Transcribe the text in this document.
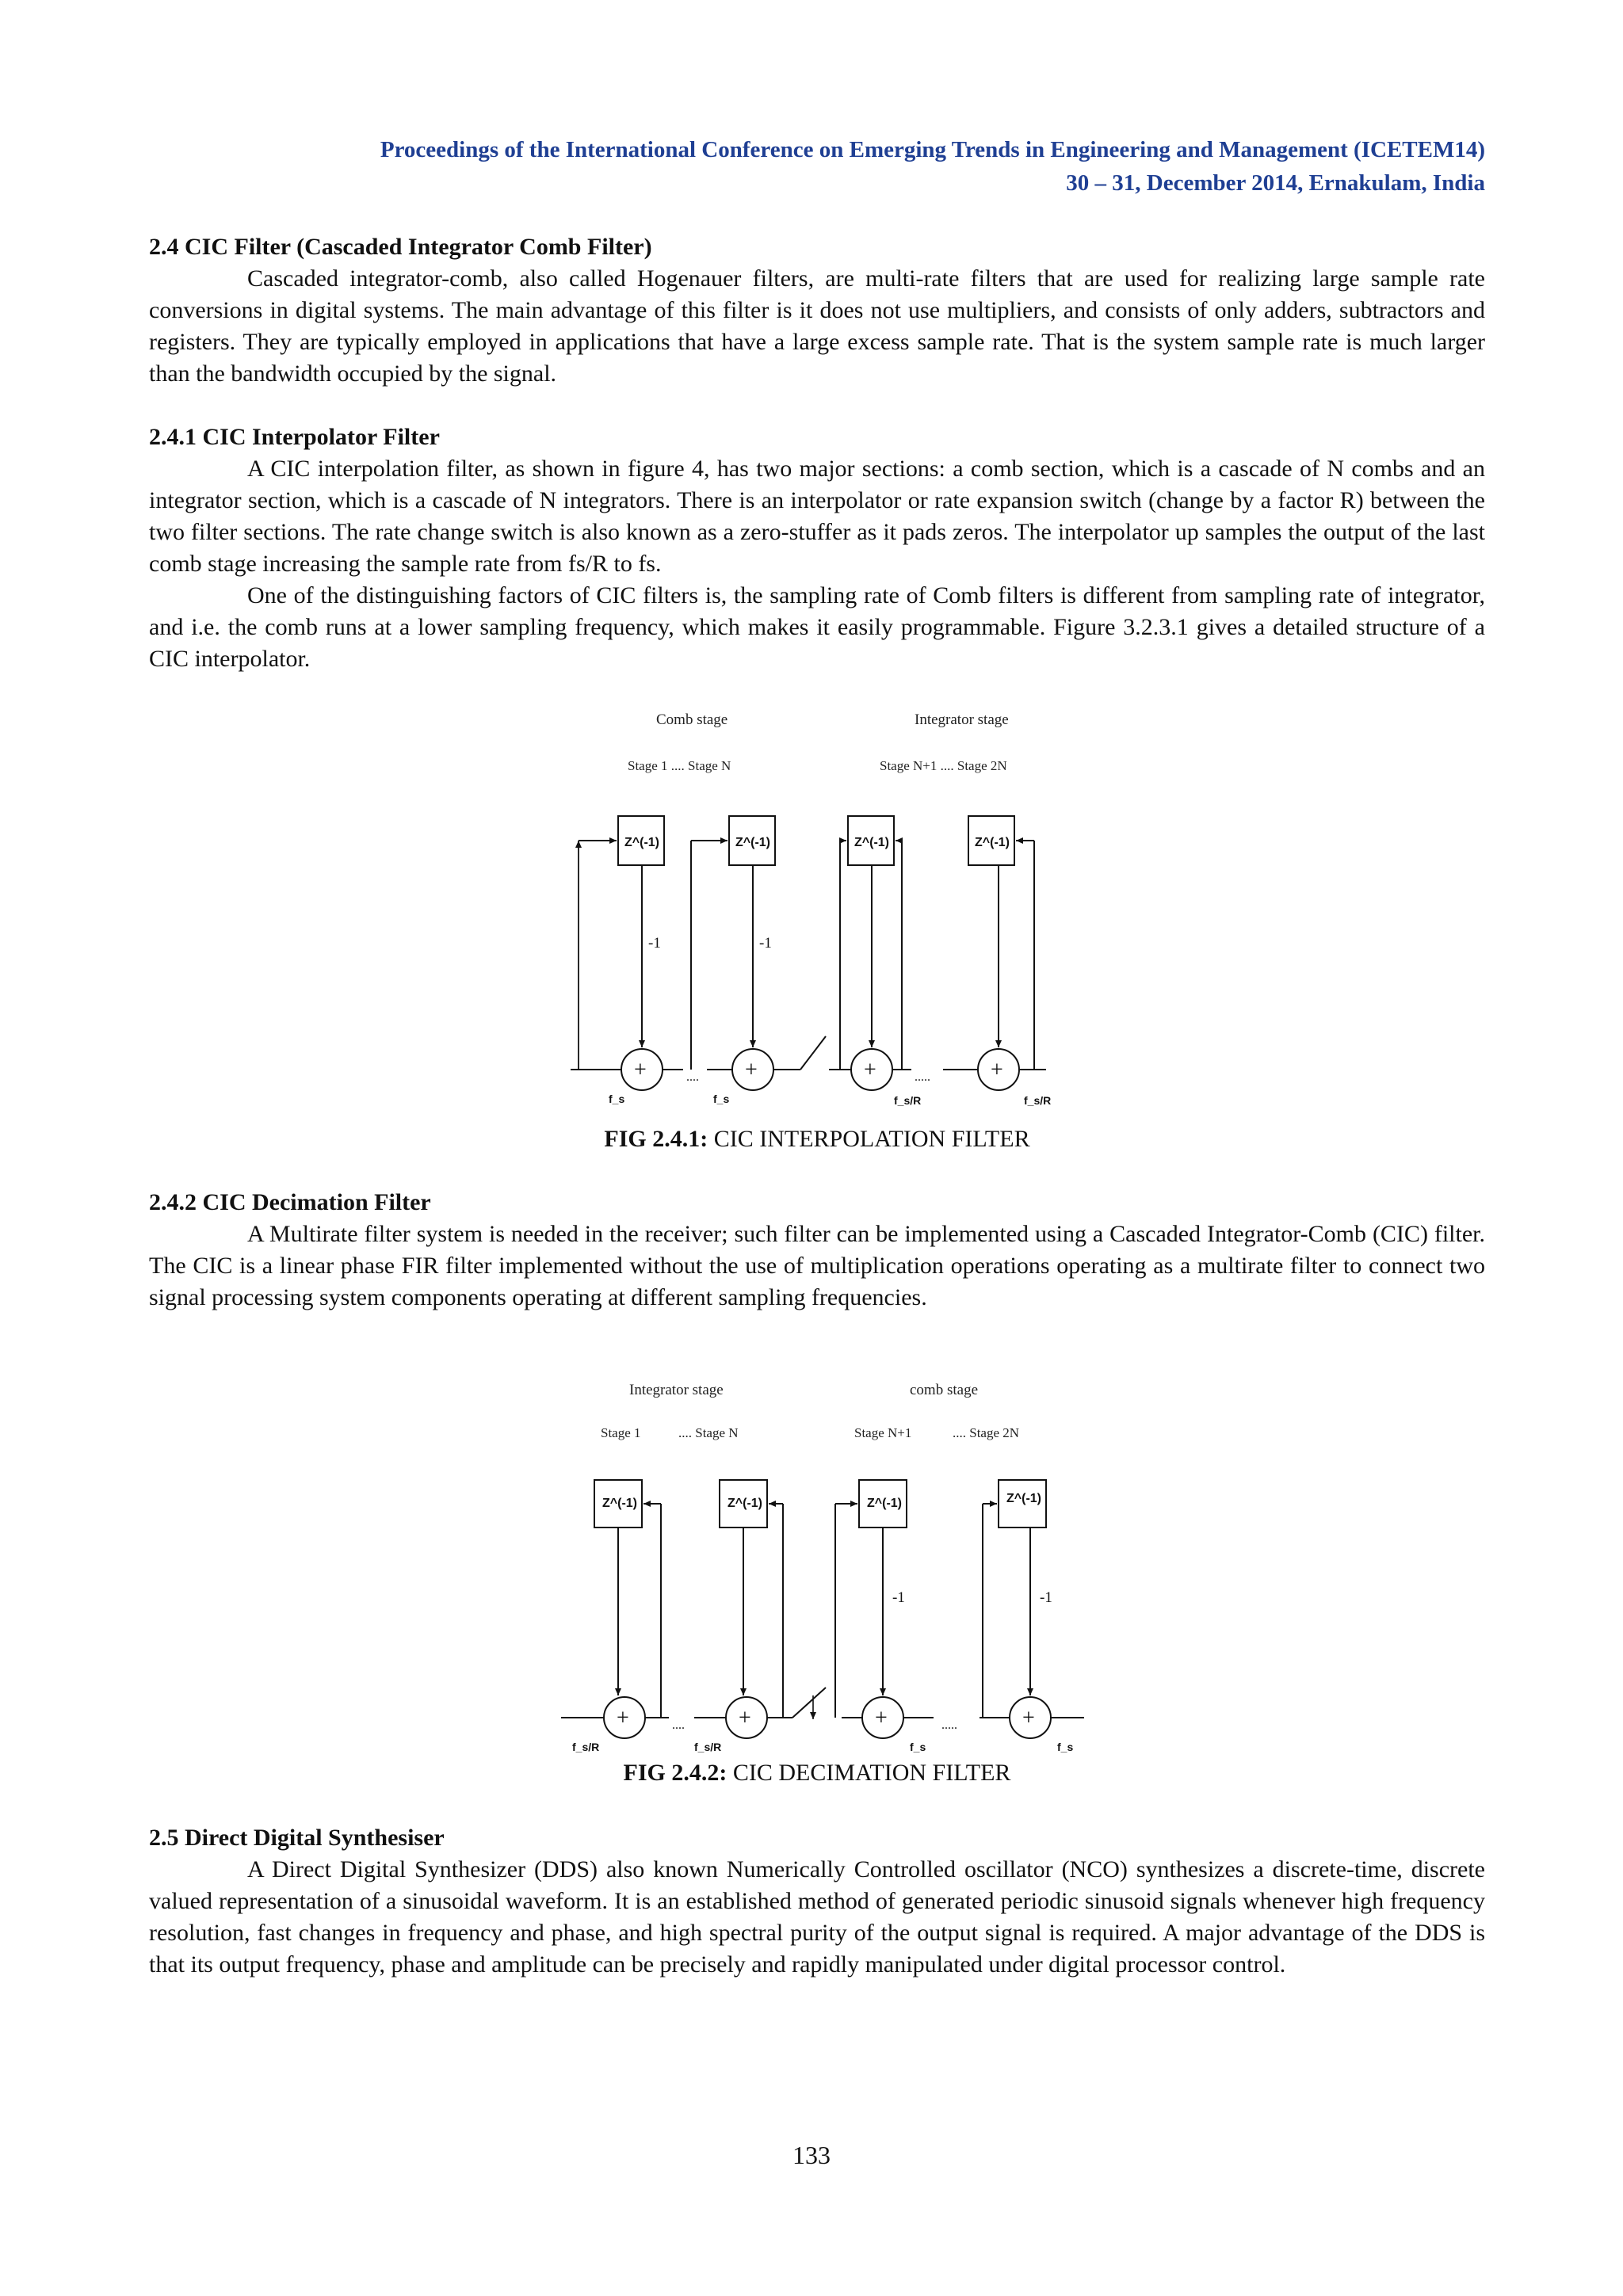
Proceedings of the International Conference on Emerging Trends in Engineering and Management (ICETEM14)
30 – 31, December 2014, Ernakulam, India

2.4 CIC Filter (Cascaded Integrator Comb Filter)

Cascaded integrator-comb, also called Hogenauer filters, are multi-rate filters that are used for realizing large sample rate conversions in digital systems. The main advantage of this filter is it does not use multipliers, and consists of only adders, subtractors and registers. They are typically employed in applications that have a large excess sample rate. That is the system sample rate is much larger than the bandwidth occupied by the signal.

2.4.1 CIC Interpolator Filter

A CIC interpolation filter, as shown in figure 4, has two major sections: a comb section, which is a cascade of N combs and an integrator section, which is a cascade of N integrators. There is an interpolator or rate expansion switch (change by a factor R) between the two filter sections. The rate change switch is also known as a zero-stuffer as it pads zeros. The interpolator up samples the output of the last comb stage increasing the sample rate from fs/R to fs.

One of the distinguishing factors of CIC filters is, the sampling rate of Comb filters is different from sampling rate of integrator, and i.e. the comb runs at a lower sampling frequency, which makes it easily programmable. Figure 3.2.3.1 gives a detailed structure of a CIC interpolator.

Comb stage	Integrator stage
Stage 1 .... Stage N	Stage N+1 .... Stage 2N
Z^(-1)	Z^(-1)	Z^(-1)	Z^(-1)
-1	-1
+	+	+	+
....	.....
f_s	f_s	f_s/R	f_s/R
FIG 2.4.1: CIC INTERPOLATION FILTER

2.4.2 CIC Decimation Filter

A Multirate filter system is needed in the receiver; such filter can be implemented using a Cascaded Integrator-Comb (CIC) filter. The CIC is a linear phase FIR filter implemented without the use of multiplication operations operating as a multirate filter to connect two signal processing system components operating at different sampling frequencies.

Integrator stage	comb stage
Stage 1	.... Stage N	Stage N+1	.... Stage 2N
Z^(-1)	Z^(-1)	Z^(-1)	Z^(-1)
-1	-1
+	+	+	+
....	.....
f_s/R	f_s/R	f_s	f_s
FIG 2.4.2: CIC DECIMATION FILTER

2.5 Direct Digital Synthesiser

A Direct Digital Synthesizer (DDS) also known Numerically Controlled oscillator (NCO) synthesizes a discrete-time, discrete valued representation of a sinusoidal waveform. It is an established method of generated periodic sinusoid signals whenever high frequency resolution, fast changes in frequency and phase, and high spectral purity of the output signal is required. A major advantage of the DDS is that its output frequency, phase and amplitude can be precisely and rapidly manipulated under digital processor control.

133
